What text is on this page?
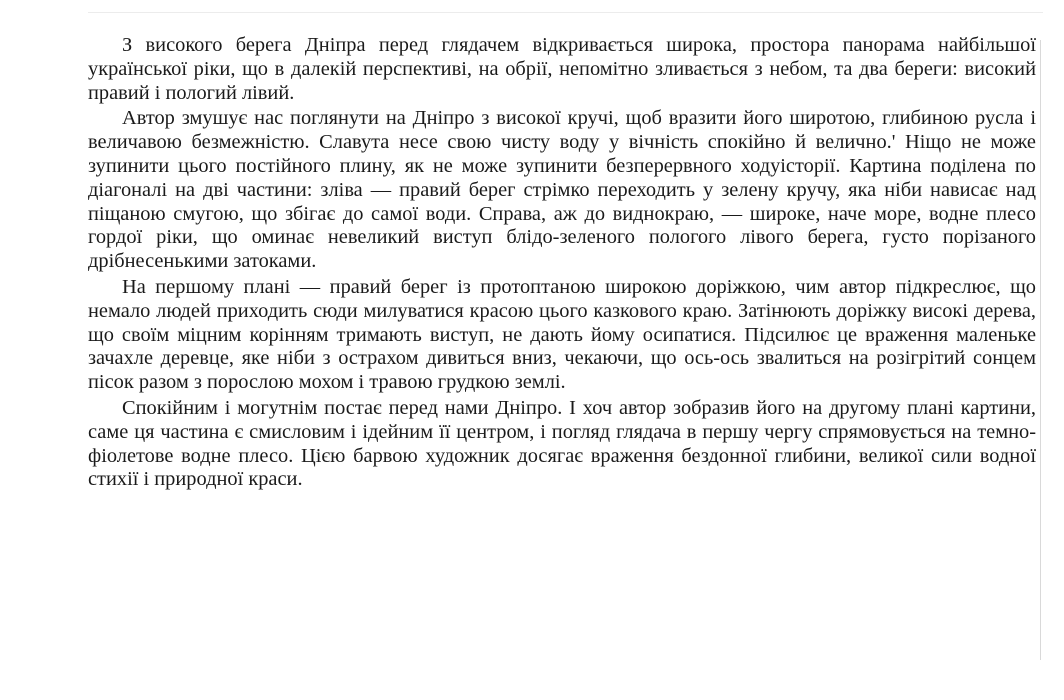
З високого берега Дніпра перед глядачем відкривається широка, простора панорама найбільшої української ріки, що в далекій перспективі, на обрії, непомітно зливається з небом, та два береги: високий правий і пологий лівий.

Автор змушує нас поглянути на Дніпро з високої кручі, щоб вразити його широтою, глибиною русла і величавою безмежністю. Славута несе свою чисту воду у вічність спокійно й велично.' Ніщо не може зупинити цього постійного плину, як не може зупинити безперервного ходуісторії. Картина поділена по діагоналі на дві частини: зліва — правий берег стрімко переходить у зелену кручу, яка ніби нависає над піщаною смугою, що збігає до самої води. Справа, аж до виднокраю, — широке, наче море, водне плесо гордої ріки, що оминає невеликий виступ блідо-зеленого пологого лівого берега, густо порізаного дрібнесенькими затоками.

На першому плані — правий берег із протоптаною широкою доріжкою, чим автор підкреслює, що немало людей приходить сюди милуватися красою цього казкового краю. Затінюють доріжку високі дерева, що своїм міцним корінням тримають виступ, не дають йому осипатися. Підсилює це враження маленьке зачахле деревце, яке ніби з острахом дивиться вниз, чекаючи, що ось-ось звалиться на розігрітий сонцем пісок разом з порослою мохом і травою грудкою землі.

Спокійним і могутнім постає перед нами Дніпро. І хоч автор зобразив його на другому плані картини, саме ця частина є смисловим і ідейним її центром, і погляд глядача в першу чергу спрямовується на темно-фіолетове водне плесо. Цією барвою художник досягає враження бездонної глибини, великої сили водної стихії і природної краси.
